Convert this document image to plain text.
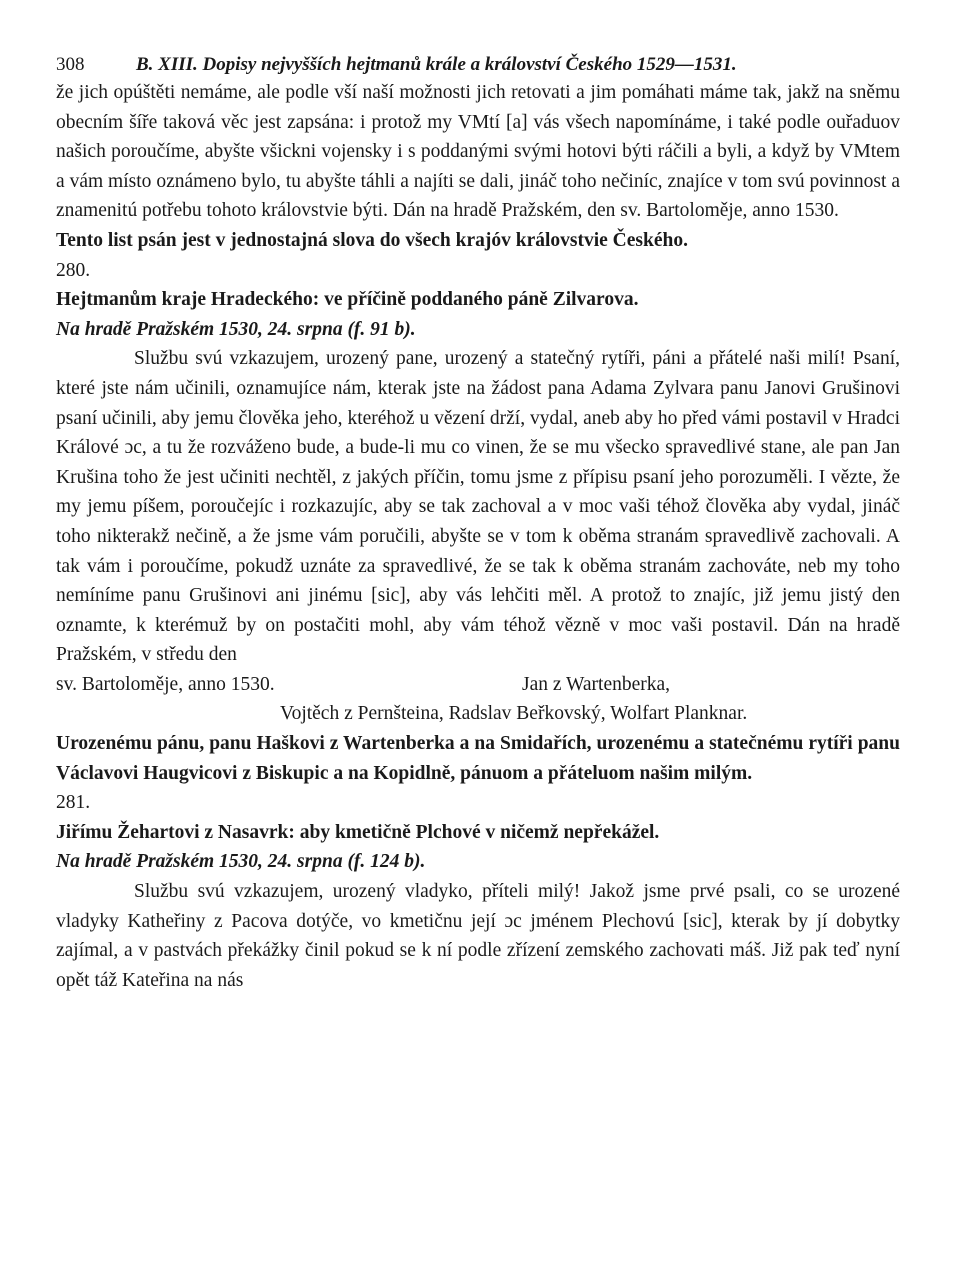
308	B. XIII. Dopisy nejvyšších hejtmanů krále a království Českého 1529—1531.

že jich opúštěti nemáme, ale podle vší naší možnosti jich retovati a jim pomáhati máme tak, jakž na sněmu obecním šíře taková věc jest zapsána: i protož my VMtí [a] vás všech napomínáme, i také podle ouřaduov našich poroučíme, abyšte všickni vojensky i s poddanými svými hotovi býti ráčili a byli, a když by VMtem a vám místo oznámeno bylo, tu abyšte táhli a najíti se dali, jináč toho nečiníc, znajíce v tom svú povinnost a znamenitú potřebu tohoto královstvie býti. Dán na hradě Pražském, den sv. Bartoloměje, anno 1530.

Tento list psán jest v jednostajná slova do všech krajóv královstvie Českého.

280.

Hejtmanům kraje Hradeckého: ve příčině poddaného páně Zilvarova.

Na hradě Pražském 1530, 24. srpna (f. 91 b).

Službu svú vzkazujem, urozený pane, urozený a statečný rytíři, páni a přátelé naši milí! Psaní, které jste nám učinili, oznamujíce nám, kterak jste na žádost pana Adama Zylvara panu Janovi Grušinovi psaní učinili, aby jemu člověka jeho, kteréhož u vězení drží, vydal, aneb aby ho před vámi postavil v Hradci Králové ɔc, a tu že rozváženo bude, a bude-li mu co vinen, že se mu všecko spravedlivé stane, ale pan Jan Krušina toho že jest učiniti nechtěl, z jakých příčin, tomu jsme z přípisu psaní jeho porozuměli. I vězte, že my jemu píšem, poroučejíc i rozkazujíc, aby se tak zachoval a v moc vaši téhož člověka aby vydal, jináč toho nikterakž nečině, a že jsme vám poručili, abyšte se v tom k oběma stranám spravedlivě zachovali. A tak vám i poroučíme, pokudž uznáte za spravedlivé, že se tak k oběma stranám zachováte, neb my toho nemíníme panu Grušinovi ani jinému [sic], aby vás lehčiti měl. A protož to znajíc, již jemu jistý den oznamte, k kterémuž by on postačiti mohl, aby vám téhož vězně v moc vaši postavil. Dán na hradě Pražském, v středu den

sv. Bartoloměje, anno 1530.	Jan z Wartenberka,

Vojtěch z Pernšteina, Radslav Beřkovský, Wolfart Planknar.

Urozenému pánu, panu Haškovi z Wartenberka a na Smidařích, urozenému a statečnému rytíři panu Václavovi Haugvicovi z Biskupic a na Kopidlně, pánuom a přáteluom našim milým.

281.

Jiřímu Žehartovi z Nasavrk: aby kmetičně Plchové v ničemž nepřekážel.

Na hradě Pražském 1530, 24. srpna (f. 124 b).

Službu svú vzkazujem, urozený vladyko, příteli milý! Jakož jsme prvé psali, co se urozené vladyky Katheřiny z Pacova dotýče, vo kmetičnu její ɔc jménem Plechovú [sic], kterak by jí dobytky zajímal, a v pastvách překážky činil pokud se k ní podle zřízení zemského zachovati máš. Již pak teď nyní opět táž Kateřina na nás
